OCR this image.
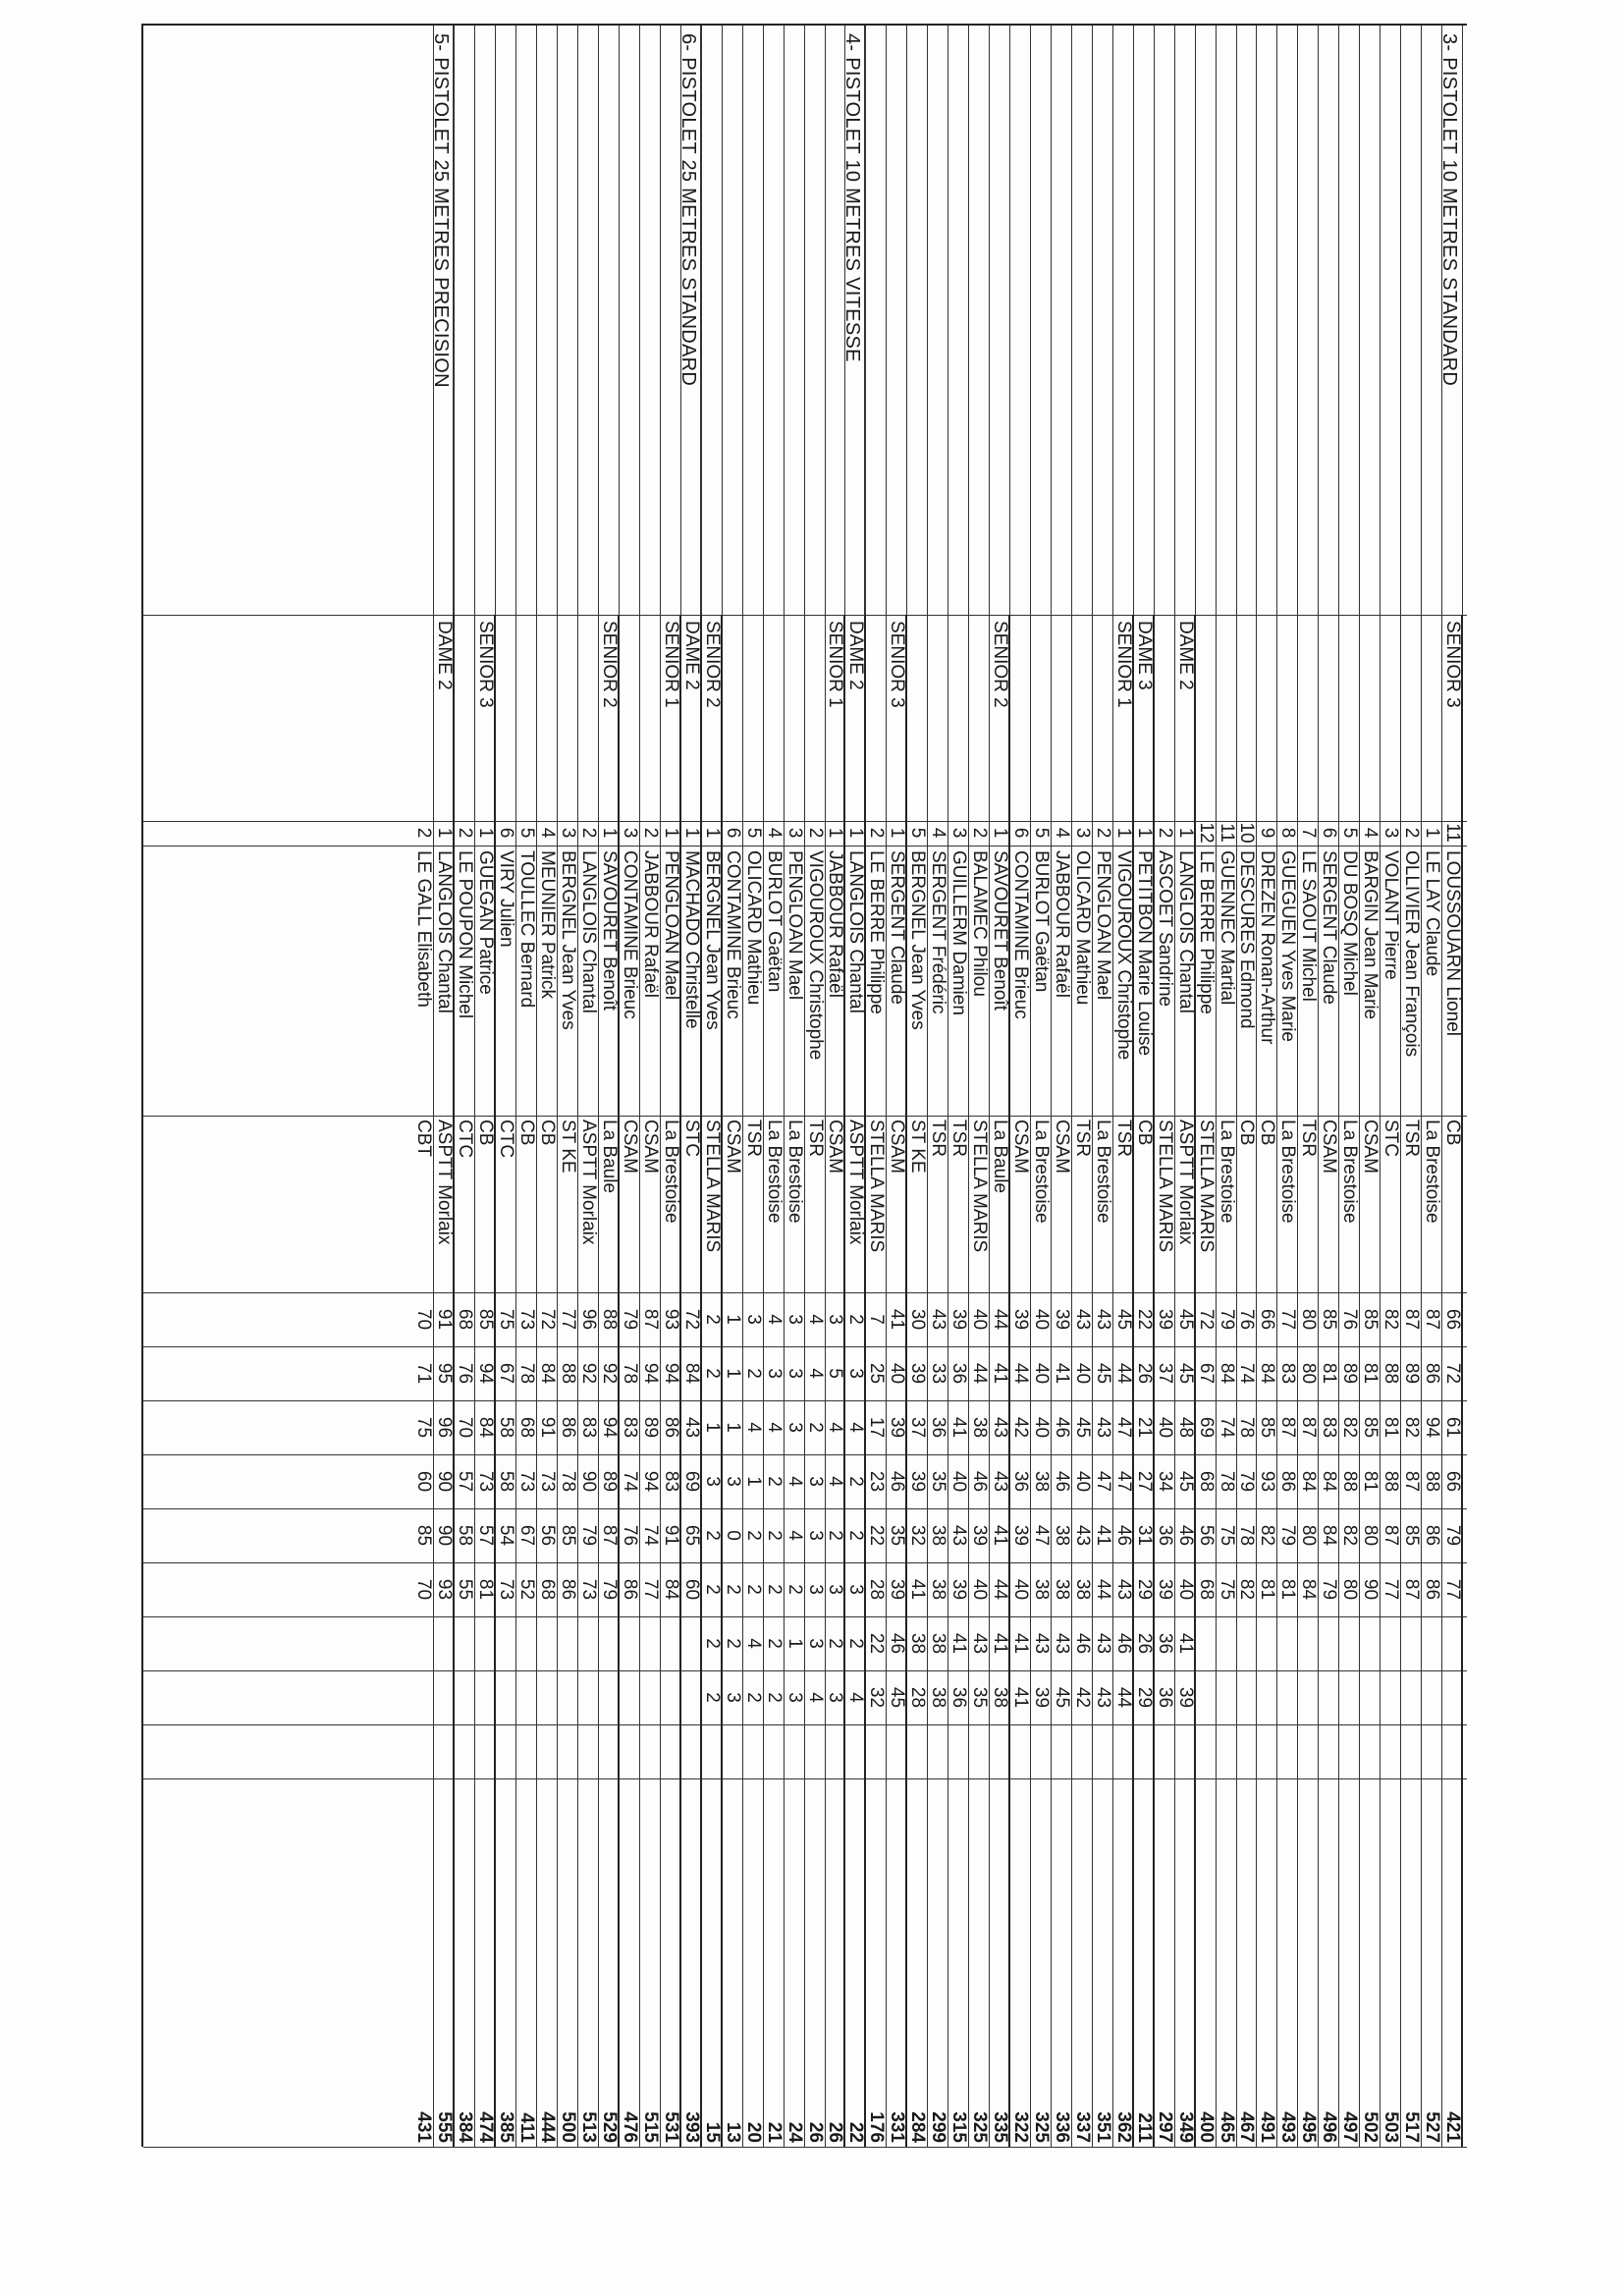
SENIOR 3
11
LOUSSOUARN Lionel
CB
66
72
61
66
79
77
421
1
LE LAY Claude
La Brestoise
87
86
94
88
86
86
527
2
OLLIVIER Jean François
TSR
87
89
82
87
85
87
517
3
VOLANT Pierre
STC
82
88
81
88
87
77
503
4
BARGIN Jean Marie
CSAM
85
81
85
81
80
90
502
5
DU BOSQ Michel
La Brestoise
76
89
82
88
82
80
497
6
SERGENT Claude
CSAM
85
81
83
84
84
79
496
7
LE SAOUT Michel
TSR
80
80
87
84
80
84
495
8
GUEGUEN Yves Marie
La Brestoise
77
83
87
86
79
81
493
9
DREZEN Ronan-Arthur
CB
66
84
85
93
82
81
491
10
DESCURES Edmond
CB
76
74
78
79
78
82
467
11
GUENNEC Martial
La Brestoise
79
84
74
78
75
75
465
12
LE BERRE Philippe
STELLA MARIS
72
67
69
68
56
68
400
DAME 2
1
LANGLOIS Chantal
ASPTT Morlaix
45
45
48
45
46
40
41
39
349
2
ASCOET Sandrine
STELLA MARIS
39
37
40
34
36
39
36
36
297
DAME 3
1
PETITBON Marie Louise
CB
22
26
21
27
31
29
26
29
211
SENIOR 1
1
VIGOUROUX Christophe
TSR
45
44
47
47
46
43
46
44
362
2
PENGLOAN Mael
La Brestoise
43
45
43
47
41
44
43
43
351
3
OLICARD Mathieu
TSR
43
40
45
40
43
38
46
42
337
4
JABBOUR Rafaël
CSAM
39
41
46
46
38
38
43
45
336
5
BURLOT Gaëtan
La Brestoise
40
40
40
38
47
38
43
39
325
6
CONTAMINE Brieuc
CSAM
39
44
42
36
39
40
41
41
322
SENIOR 2
1
SAVOURET Benoît
La Baule
44
41
43
43
41
44
41
38
335
2
BALAMEC Philou
STELLA MARIS
40
44
38
46
39
40
43
35
325
3
GUILLERM Damien
TSR
39
36
41
40
43
39
41
36
315
4
SERGENT Frédéric
TSR
43
33
36
35
38
38
38
38
299
5
BERGNEL Jean Yves
ST KE
30
39
37
39
32
41
38
28
284
SENIOR 3
1
SERGENT Claude
CSAM
41
40
39
46
35
39
46
45
331
2
LE BERRE Philippe
STELLA MARIS
7
25
17
23
22
28
22
32
176
3- PISTOLET 10 METRES STANDARD
DAME 2
1
LANGLOIS Chantal
ASPTT Morlaix
2
3
4
2
2
3
2
4
22
SENIOR 1
1
JABBOUR Rafaël
CSAM
3
5
4
4
2
3
2
3
26
2
VIGOUROUX Christophe
TSR
4
4
2
3
3
3
3
4
26
3
PENGLOAN Mael
La Brestoise
3
3
3
4
4
2
1
3
24
4
BURLOT Gaëtan
La Brestoise
4
3
4
2
2
2
2
2
21
5
OLICARD Mathieu
TSR
3
2
4
1
2
2
4
2
20
6
CONTAMINE Brieuc
CSAM
1
1
1
3
0
2
2
3
13
SENIOR 2
1
BERGNEL Jean Yves
STELLA MARIS
2
2
1
3
2
2
2
2
15
4- PISTOLET 10 METRES VITESSE
DAME 2
1
MACHADO Christelle
STC
72
84
43
69
65
60
393
SENIOR 1
1
PENGLOAN Mael
La Brestoise
93
94
86
83
91
84
531
2
JABBOUR Rafaël
CSAM
87
94
89
94
74
77
515
3
CONTAMINE Brieuc
CSAM
79
78
83
74
76
86
476
SENIOR 2
1
SAVOURET Benoît
La Baule
88
92
94
89
87
79
529
2
LANGLOIS Chantal
ASPTT Morlaix
96
92
83
90
79
73
513
3
BERGNEL Jean Yves
ST KE
77
88
86
78
85
86
500
4
MEUNIER Patrick
CB
72
84
91
73
56
68
444
5
TOULLEC Bernard
CB
73
78
68
73
67
52
411
6
VIRY Julien
CTC
75
67
58
58
54
73
385
SENIOR 3
1
GUEGAN Patrice
CB
85
94
84
73
57
81
474
2
LE POUPON Michel
CTC
68
76
70
57
58
55
384
6- PISTOLET 25 METRES STANDARD
DAME 2
1
LANGLOIS Chantal
ASPTT Morlaix
91
95
96
90
90
93
555
2
LE GALL Elisabeth
CBT
70
71
75
60
85
70
431
5- PISTOLET 25 METRES PRECISION
